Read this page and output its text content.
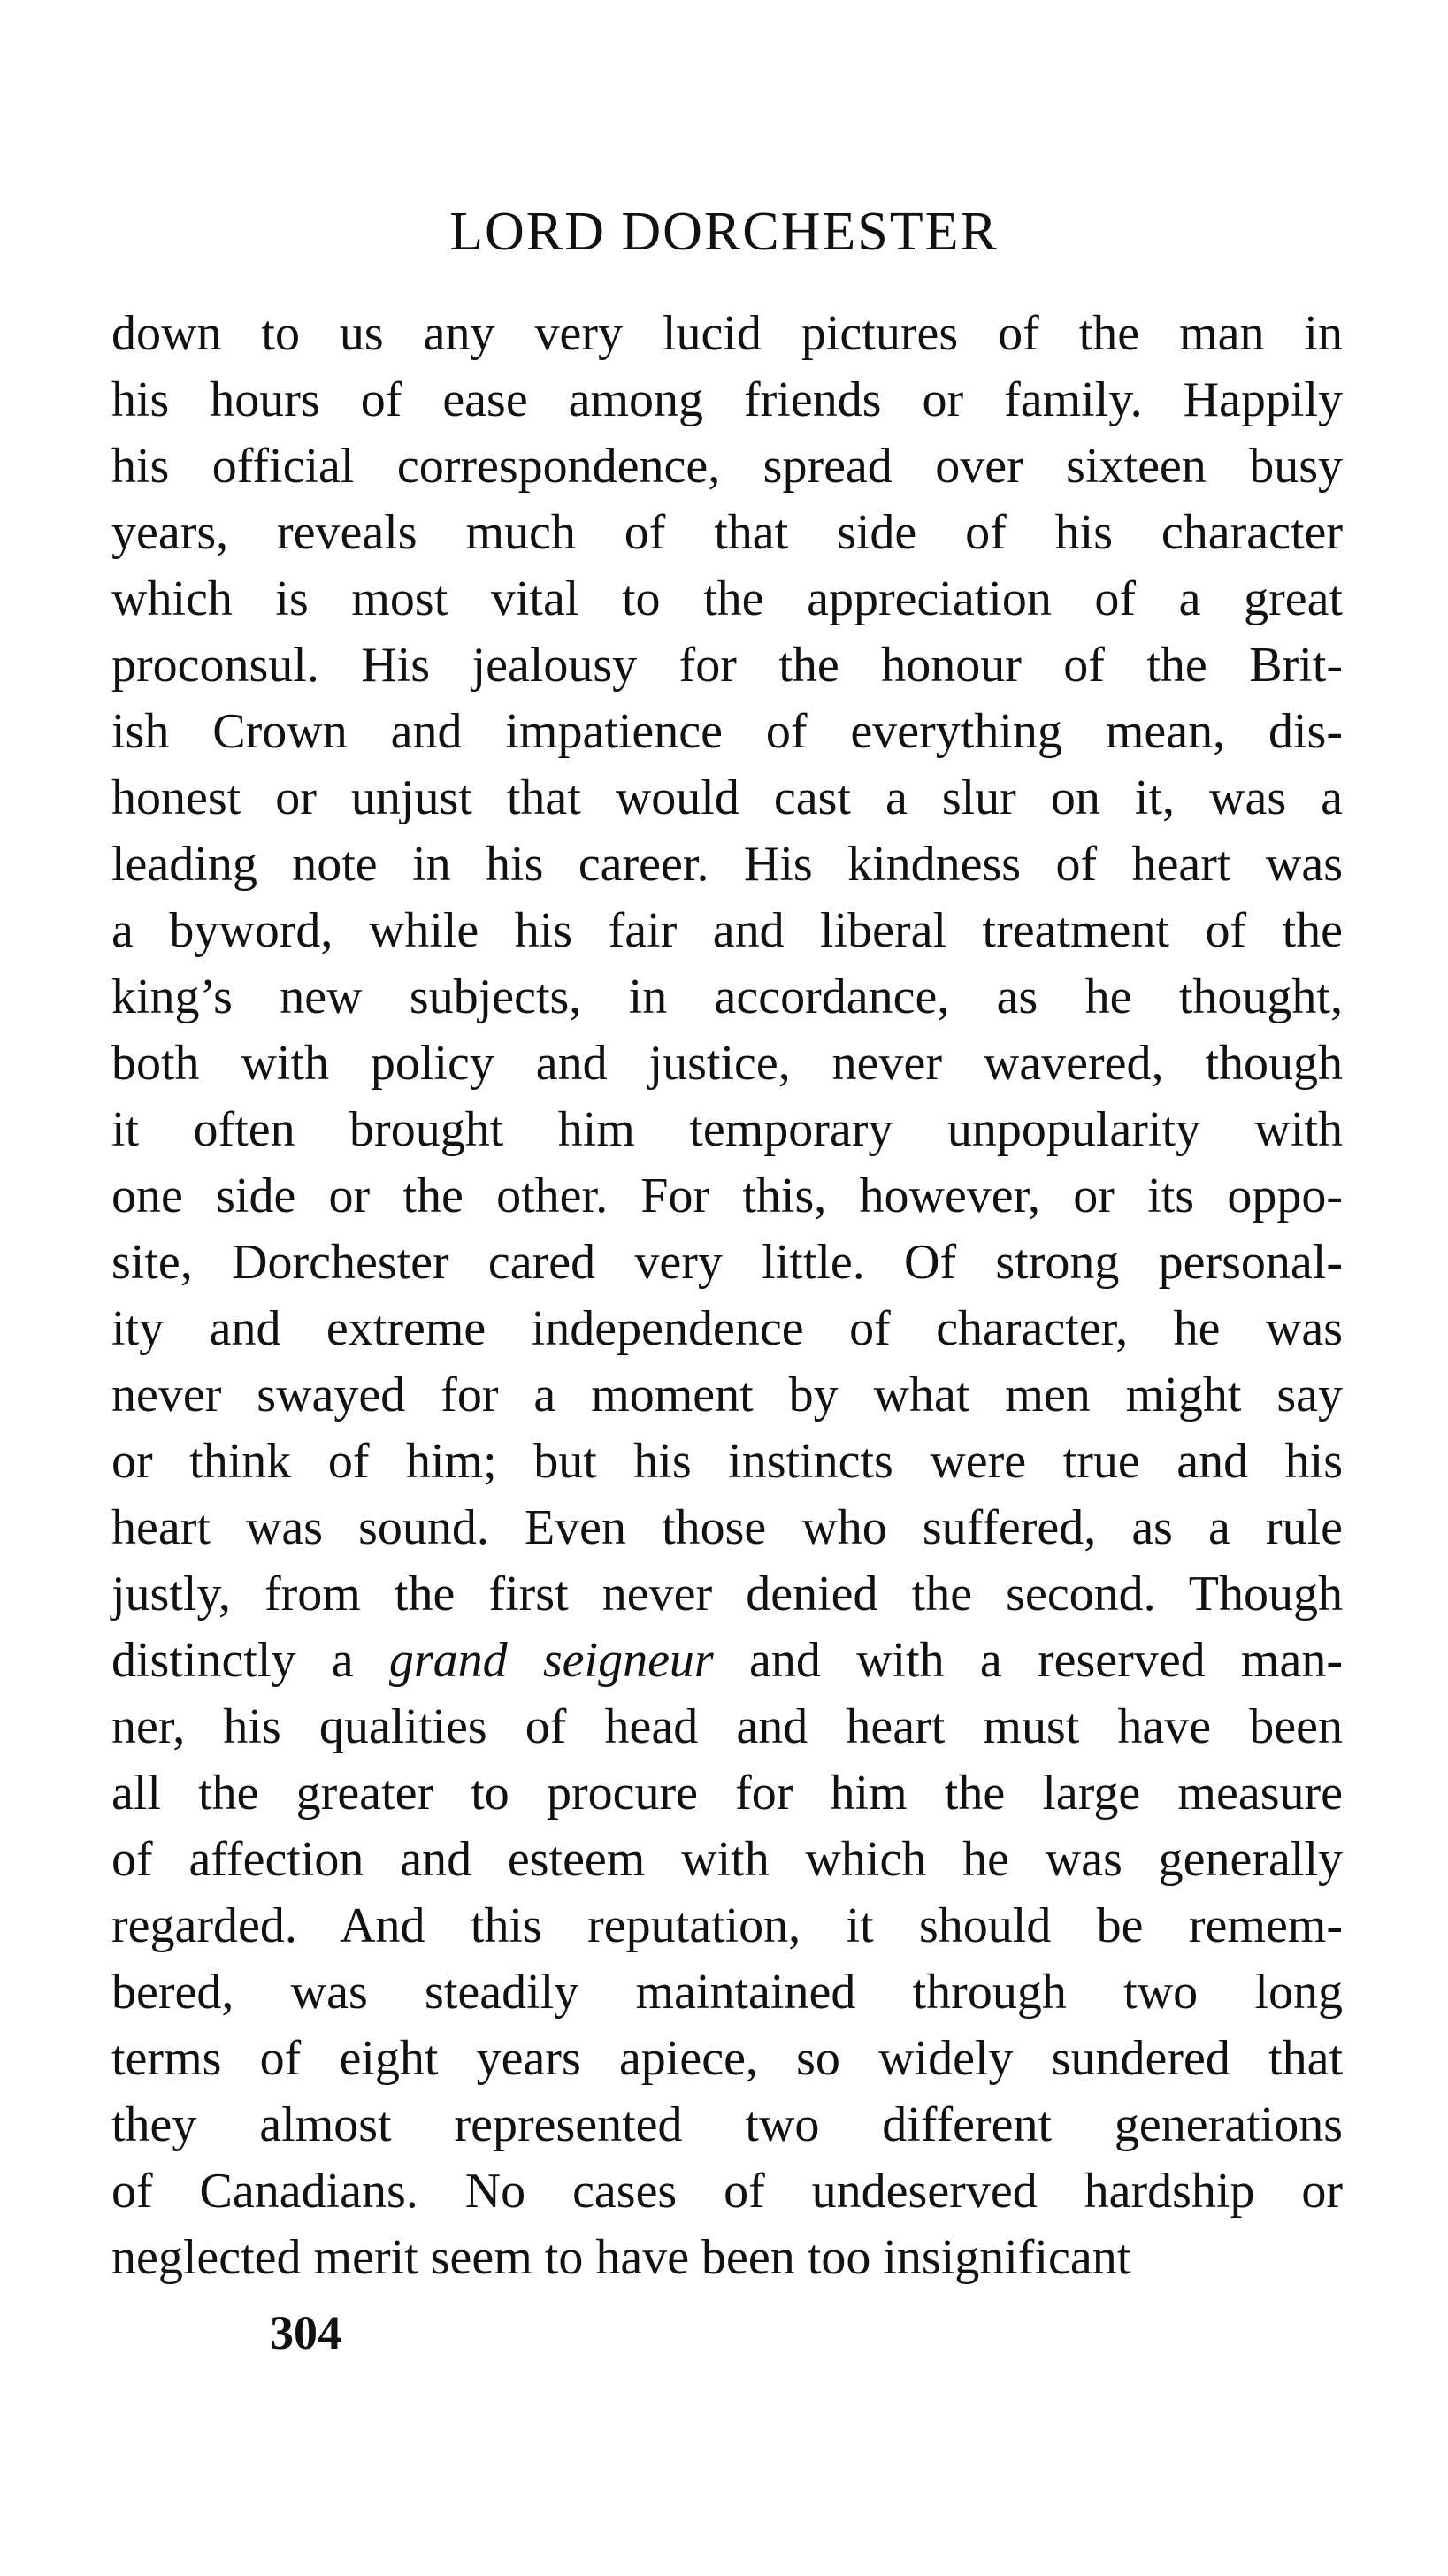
LORD DORCHESTER
down to us any very lucid pictures of the man in
his hours of ease among friends or family. Happily
his official correspondence, spread over sixteen busy
years, reveals much of that side of his character
which is most vital to the appreciation of a great
proconsul. His jealousy for the honour of the Brit-
ish Crown and impatience of everything mean, dis-
honest or unjust that would cast a slur on it, was a
leading note in his career. His kindness of heart was
a byword, while his fair and liberal treatment of the
king’s new subjects, in accordance, as he thought,
both with policy and justice, never wavered, though
it often brought him temporary unpopularity with
one side or the other. For this, however, or its oppo-
site, Dorchester cared very little. Of strong personal-
ity and extreme independence of character, he was
never swayed for a moment by what men might say
or think of him; but his instincts were true and his
heart was sound. Even those who suffered, as a rule
justly, from the first never denied the second. Though
distinctly a grand seigneur and with a reserved man-
ner, his qualities of head and heart must have been
all the greater to procure for him the large measure
of affection and esteem with which he was generally
regarded. And this reputation, it should be remem-
bered, was steadily maintained through two long
terms of eight years apiece, so widely sundered that
they almost represented two different generations
of Canadians. No cases of undeserved hardship or
neglected merit seem to have been too insignificant
304
